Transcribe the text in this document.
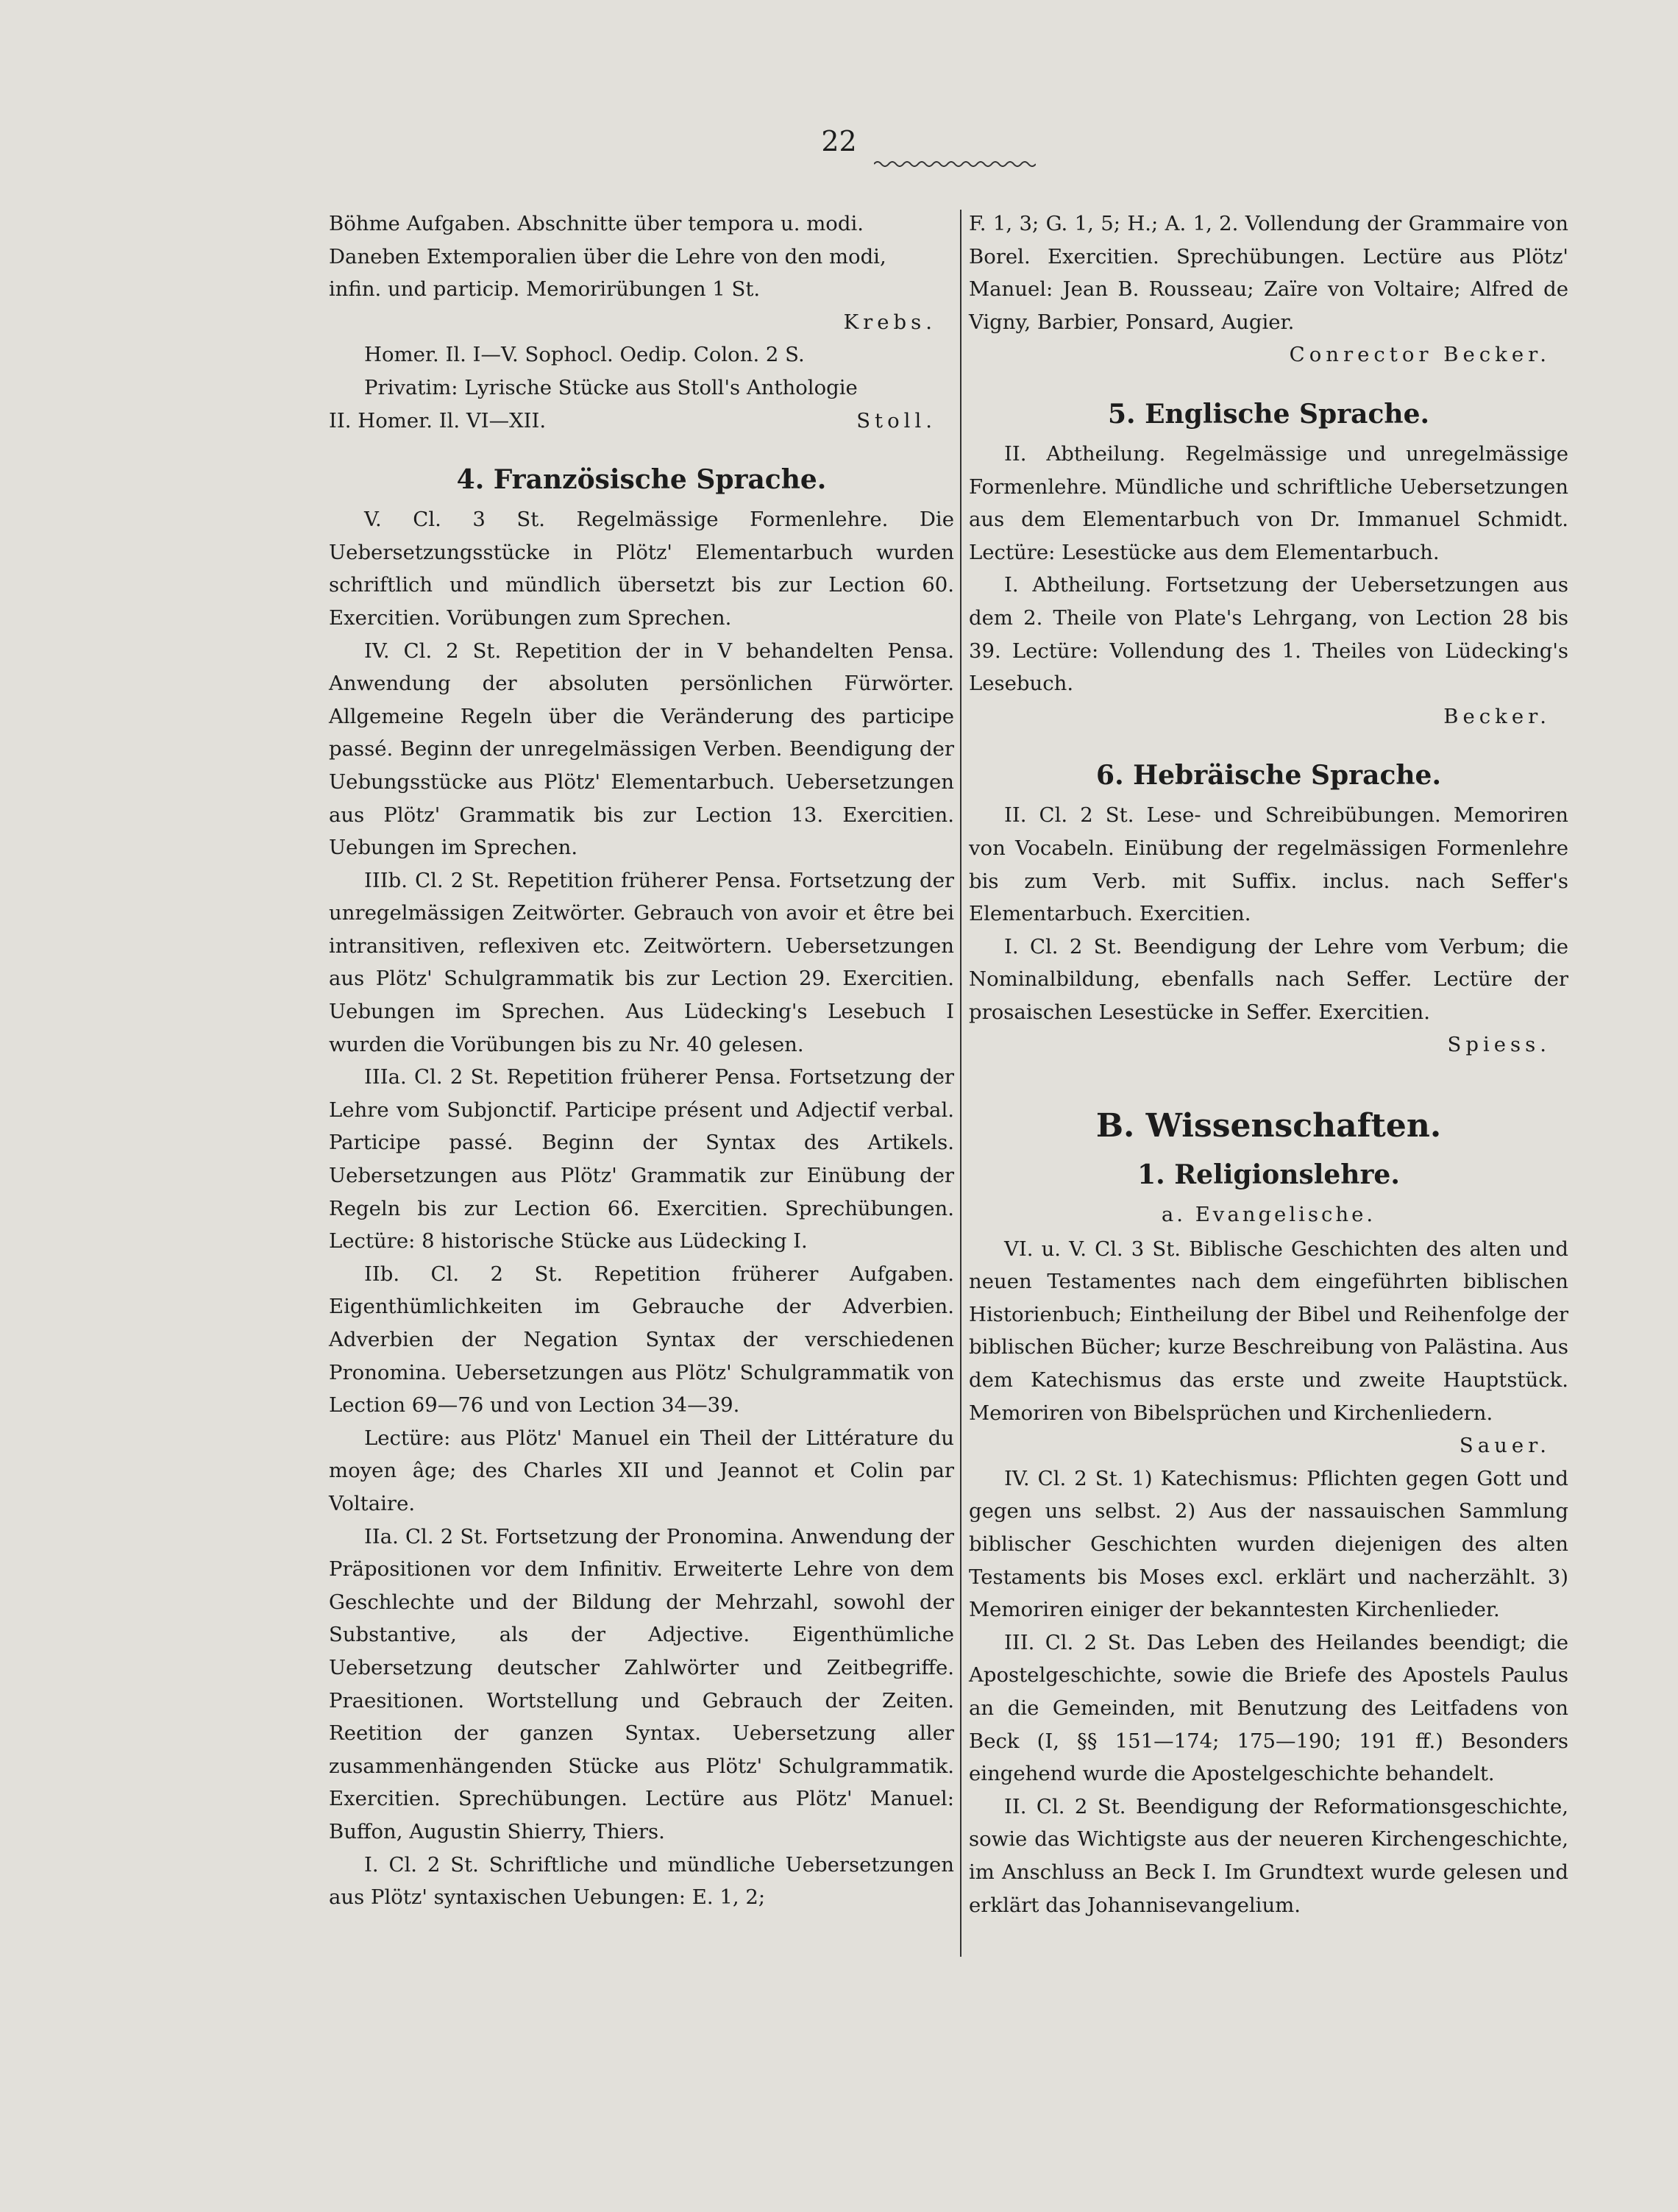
22

Böhme Aufgaben. Abschnitte über tempora u. modi.

Daneben Extemporalien über die Lehre von den modi,

infin. und particip. Memorirübungen 1 St.

Krebs.

Homer. Il. I—V. Sophocl. Oedip. Colon. 2 S.

Privatim: Lyrische Stücke aus Stoll's Anthologie

II. Homer. Il. VI—XII.	Stoll.
4. Französische Sprache.

V. Cl. 3 St. Regelmässige Formenlehre. Die Uebersetzungsstücke in Plötz' Elementarbuch wurden schriftlich und mündlich übersetzt bis zur Lection 60. Exercitien. Vorübungen zum Sprechen.

IV. Cl. 2 St. Repetition der in V behandelten Pensa. Anwendung der absoluten persönlichen Fürwörter. Allgemeine Regeln über die Veränderung des participe passé. Beginn der unregelmässigen Verben. Beendigung der Uebungsstücke aus Plötz' Elementarbuch. Uebersetzungen aus Plötz' Grammatik bis zur Lection 13. Exercitien. Uebungen im Sprechen.

IIIb. Cl. 2 St. Repetition früherer Pensa. Fortsetzung der unregelmässigen Zeitwörter. Gebrauch von avoir et être bei intransitiven, reflexiven etc. Zeitwörtern. Uebersetzungen aus Plötz' Schulgrammatik bis zur Lection 29. Exercitien. Uebungen im Sprechen. Aus Lüdecking's Lesebuch I wurden die Vorübungen bis zu Nr. 40 gelesen.

IIIa. Cl. 2 St. Repetition früherer Pensa. Fortsetzung der Lehre vom Subjonctif. Participe présent und Adjectif verbal. Participe passé. Beginn der Syntax des Artikels. Uebersetzungen aus Plötz' Grammatik zur Einübung der Regeln bis zur Lection 66. Exercitien. Sprechübungen. Lectüre: 8 historische Stücke aus Lüdecking I.

IIb. Cl. 2 St. Repetition früherer Aufgaben. Eigenthümlichkeiten im Gebrauche der Adverbien. Adverbien der Negation Syntax der verschiedenen Pronomina. Uebersetzungen aus Plötz' Schulgrammatik von Lection 69—76 und von Lection 34—39.

Lectüre: aus Plötz' Manuel ein Theil der Littérature du moyen âge; des Charles XII und Jeannot et Colin par Voltaire.

IIa. Cl. 2 St. Fortsetzung der Pronomina. Anwendung der Präpositionen vor dem Infinitiv. Erweiterte Lehre von dem Geschlechte und der Bildung der Mehrzahl, sowohl der Substantive, als der Adjective. Eigenthümliche Uebersetzung deutscher Zahlwörter und Zeitbegriffe. Praesitionen. Wortstellung und Gebrauch der Zeiten. Reetition der ganzen Syntax. Uebersetzung aller zusammenhängenden Stücke aus Plötz' Schulgrammatik. Exercitien. Sprechübungen. Lectüre aus Plötz' Manuel: Buffon, Augustin Shierry, Thiers.

I. Cl. 2 St. Schriftliche und mündliche Uebersetzungen aus Plötz' syntaxischen Uebungen: E. 1, 2;

F. 1, 3; G. 1, 5; H.; A. 1, 2. Vollendung der Grammaire von Borel. Exercitien. Sprechübungen. Lectüre aus Plötz' Manuel: Jean B. Rousseau; Zaïre von Voltaire; Alfred de Vigny, Barbier, Ponsard, Augier.

Conrector Becker.
5. Englische Sprache.

II. Abtheilung. Regelmässige und unregelmässige Formenlehre. Mündliche und schriftliche Uebersetzungen aus dem Elementarbuch von Dr. Immanuel Schmidt. Lectüre: Lesestücke aus dem Elementarbuch.

I. Abtheilung. Fortsetzung der Uebersetzungen aus dem 2. Theile von Plate's Lehrgang, von Lection 28 bis 39. Lectüre: Vollendung des 1. Theiles von Lüdecking's Lesebuch.

Becker.
6. Hebräische Sprache.

II. Cl. 2 St. Lese- und Schreibübungen. Memoriren von Vocabeln. Einübung der regelmässigen Formenlehre bis zum Verb. mit Suffix. inclus. nach Seffer's Elementarbuch. Exercitien.

I. Cl. 2 St. Beendigung der Lehre vom Verbum; die Nominalbildung, ebenfalls nach Seffer. Lectüre der prosaischen Lesestücke in Seffer. Exercitien.

Spiess.
B. Wissenschaften.
1. Religionslehre.
a. Evangelische.

VI. u. V. Cl. 3 St. Biblische Geschichten des alten und neuen Testamentes nach dem eingeführten biblischen Historienbuch; Eintheilung der Bibel und Reihenfolge der biblischen Bücher; kurze Beschreibung von Palästina. Aus dem Katechismus das erste und zweite Hauptstück. Memoriren von Bibelsprüchen und Kirchenliedern.

Sauer.

IV. Cl. 2 St. 1) Katechismus: Pflichten gegen Gott und gegen uns selbst. 2) Aus der nassauischen Sammlung biblischer Geschichten wurden diejenigen des alten Testaments bis Moses excl. erklärt und nacherzählt. 3) Memoriren einiger der bekanntesten Kirchenlieder.

III. Cl. 2 St. Das Leben des Heilandes beendigt; die Apostelgeschichte, sowie die Briefe des Apostels Paulus an die Gemeinden, mit Benutzung des Leitfadens von Beck (I, §§ 151—174; 175—190; 191 ff.) Besonders eingehend wurde die Apostelgeschichte behandelt.

II. Cl. 2 St. Beendigung der Reformationsgeschichte, sowie das Wichtigste aus der neueren Kirchengeschichte, im Anschluss an Beck I. Im Grundtext wurde gelesen und erklärt das Johannisevangelium.
